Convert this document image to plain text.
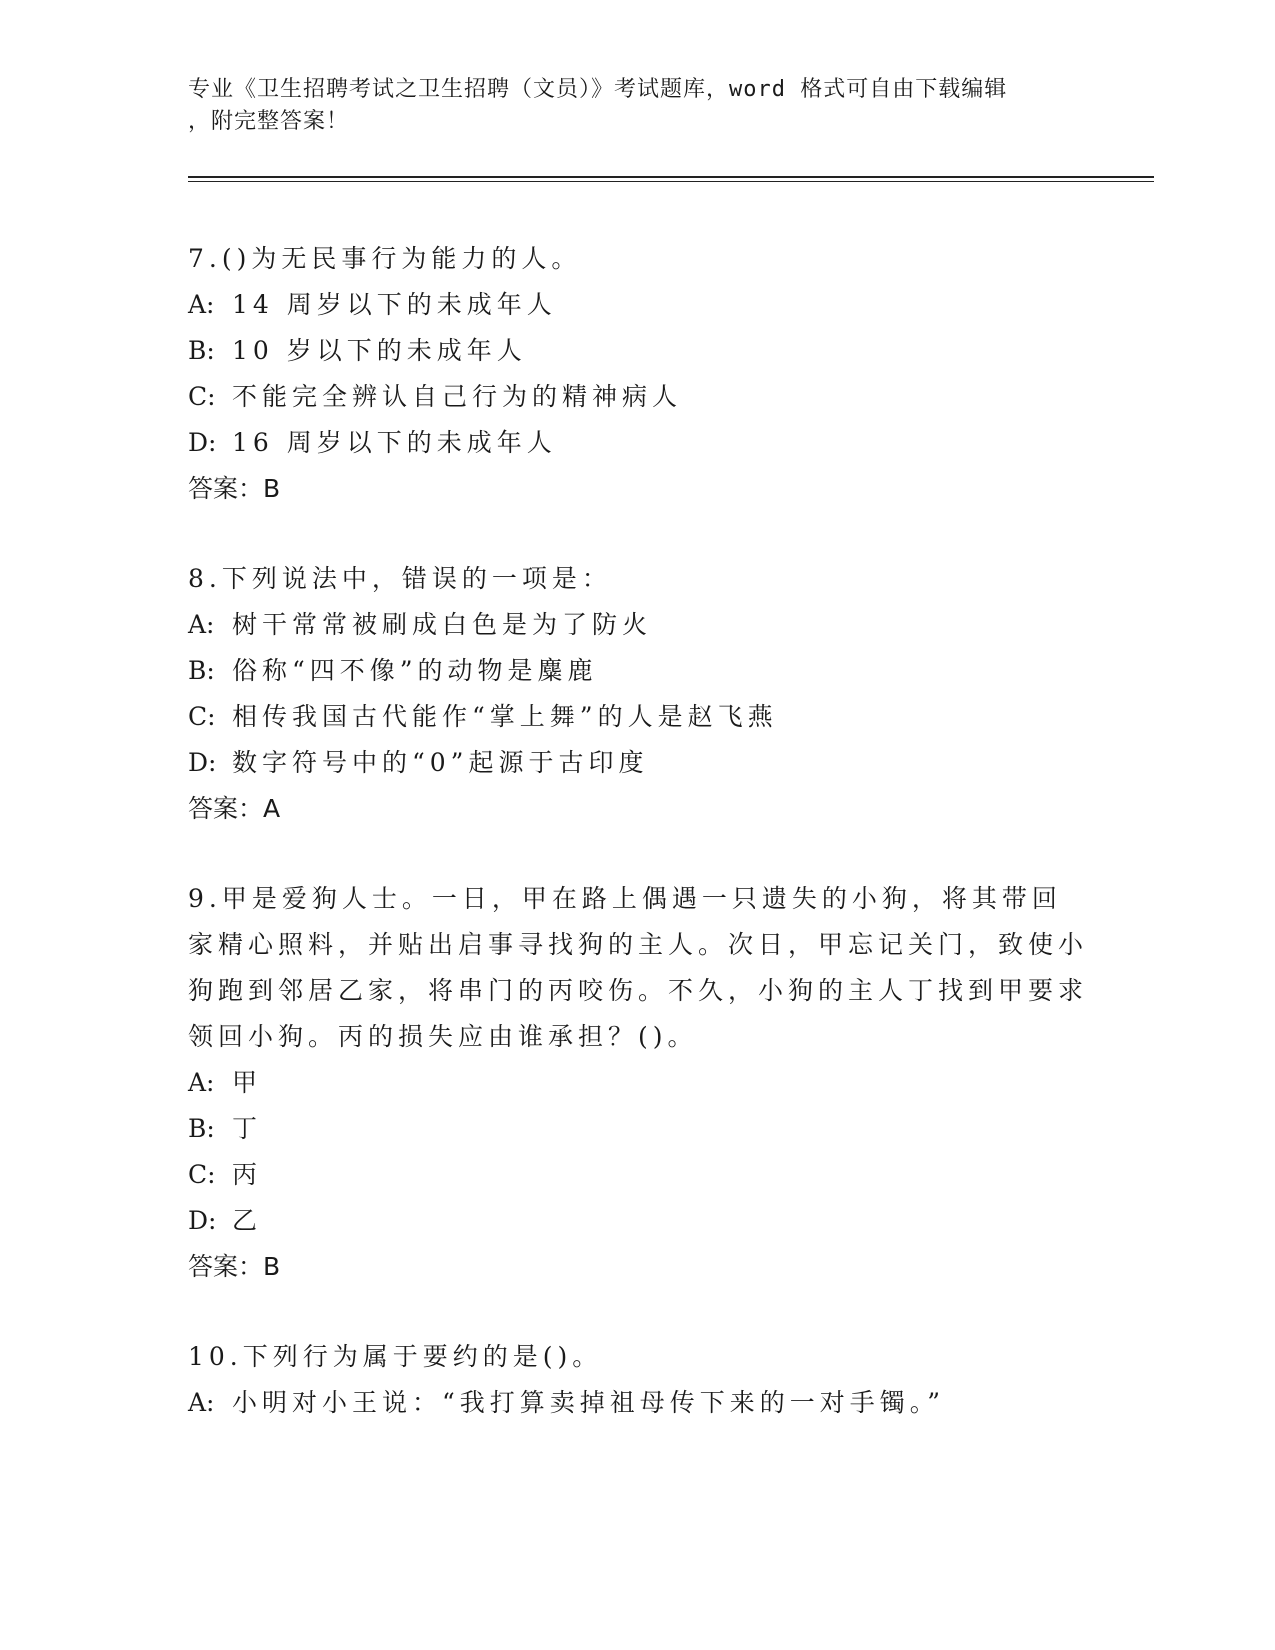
专业《卫生招聘考试之卫生招聘（文员）》考试题库，word 格式可自由下载编辑
，附完整答案！
7.()为无民事行为能力的人。
A: 14 周岁以下的未成年人
B: 10 岁以下的未成年人
C: 不能完全辨认自己行为的精神病人
D: 16 周岁以下的未成年人
答案：B
8.下列说法中，错误的一项是：
A: 树干常常被刷成白色是为了防火
B: 俗称“四不像”的动物是麋鹿
C: 相传我国古代能作“掌上舞”的人是赵飞燕
D: 数字符号中的“0”起源于古印度
答案：A
9.甲是爱狗人士。一日，甲在路上偶遇一只遗失的小狗，将其带回家精心照料，并贴出启事寻找狗的主人。次日，甲忘记关门，致使小狗跑到邻居乙家，将串门的丙咬伤。不久，小狗的主人丁找到甲要求领回小狗。丙的损失应由谁承担？()。
A: 甲
B: 丁
C: 丙
D: 乙
答案：B
10.下列行为属于要约的是()。
A: 小明对小王说：“我打算卖掉祖母传下来的一对手镯。”
